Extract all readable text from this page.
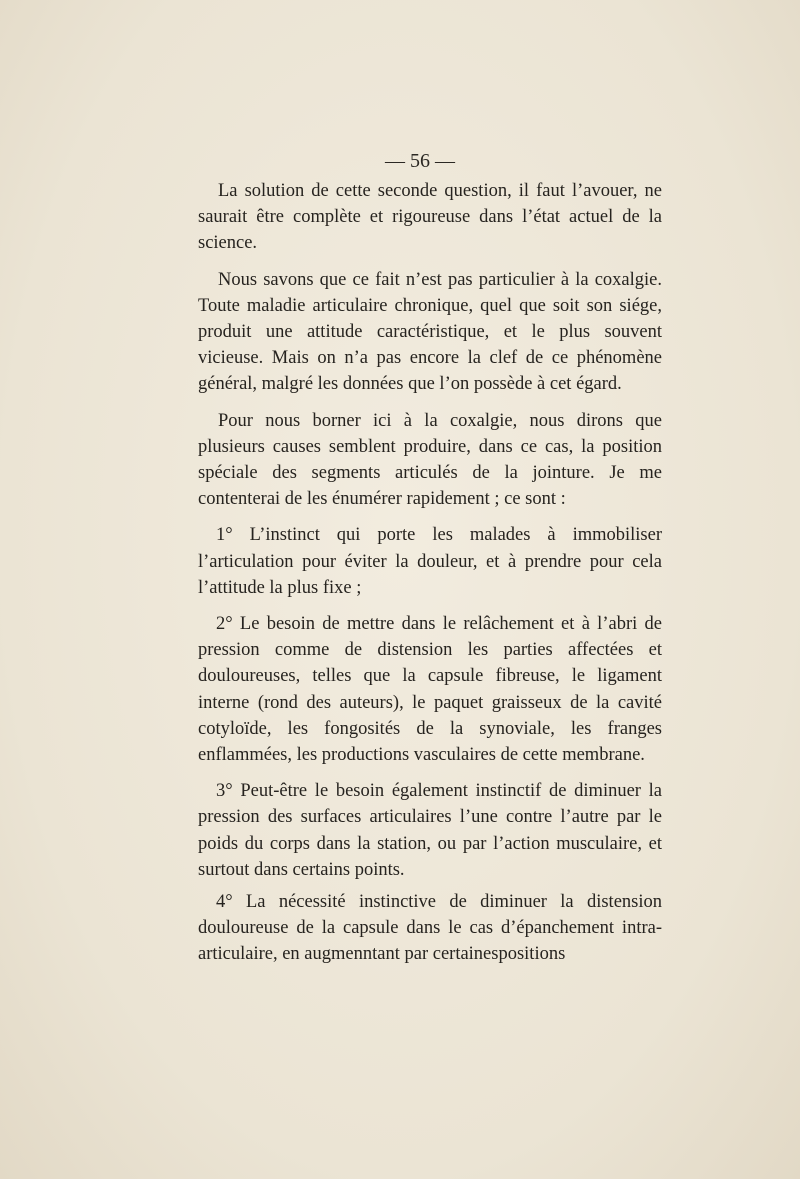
— 56 —

La solution de cette seconde question, il faut l’avouer, ne saurait être complète et rigoureuse dans l’état actuel de la science.

Nous savons que ce fait n’est pas particulier à la coxalgie. Toute maladie articulaire chronique, quel que soit son siége, produit une attitude caractéristique, et le plus souvent vicieuse. Mais on n’a pas encore la clef de ce phénomène général, malgré les données que l’on possède à cet égard.

Pour nous borner ici à la coxalgie, nous dirons que plusieurs causes semblent produire, dans ce cas, la position spéciale des segments articulés de la jointure. Je me contenterai de les énumérer rapidement ; ce sont :

1° L’instinct qui porte les malades à immobiliser l’articulation pour éviter la douleur, et à prendre pour cela l’attitude la plus fixe ;

2° Le besoin de mettre dans le relâchement et à l’abri de pression comme de distension les parties affectées et douloureuses, telles que la capsule fibreuse, le ligament interne (rond des auteurs), le paquet graisseux de la cavité cotyloïde, les fongosités de la synoviale, les franges enflammées, les productions vasculaires de cette membrane.

3° Peut-être le besoin également instinctif de diminuer la pression des surfaces articulaires l’une contre l’autre par le poids du corps dans la station, ou par l’action musculaire, et surtout dans certains points.

4° La nécessité instinctive de diminuer la distension douloureuse de la capsule dans le cas d’épanchement intra-articulaire, en augmenntant par certainespositions
